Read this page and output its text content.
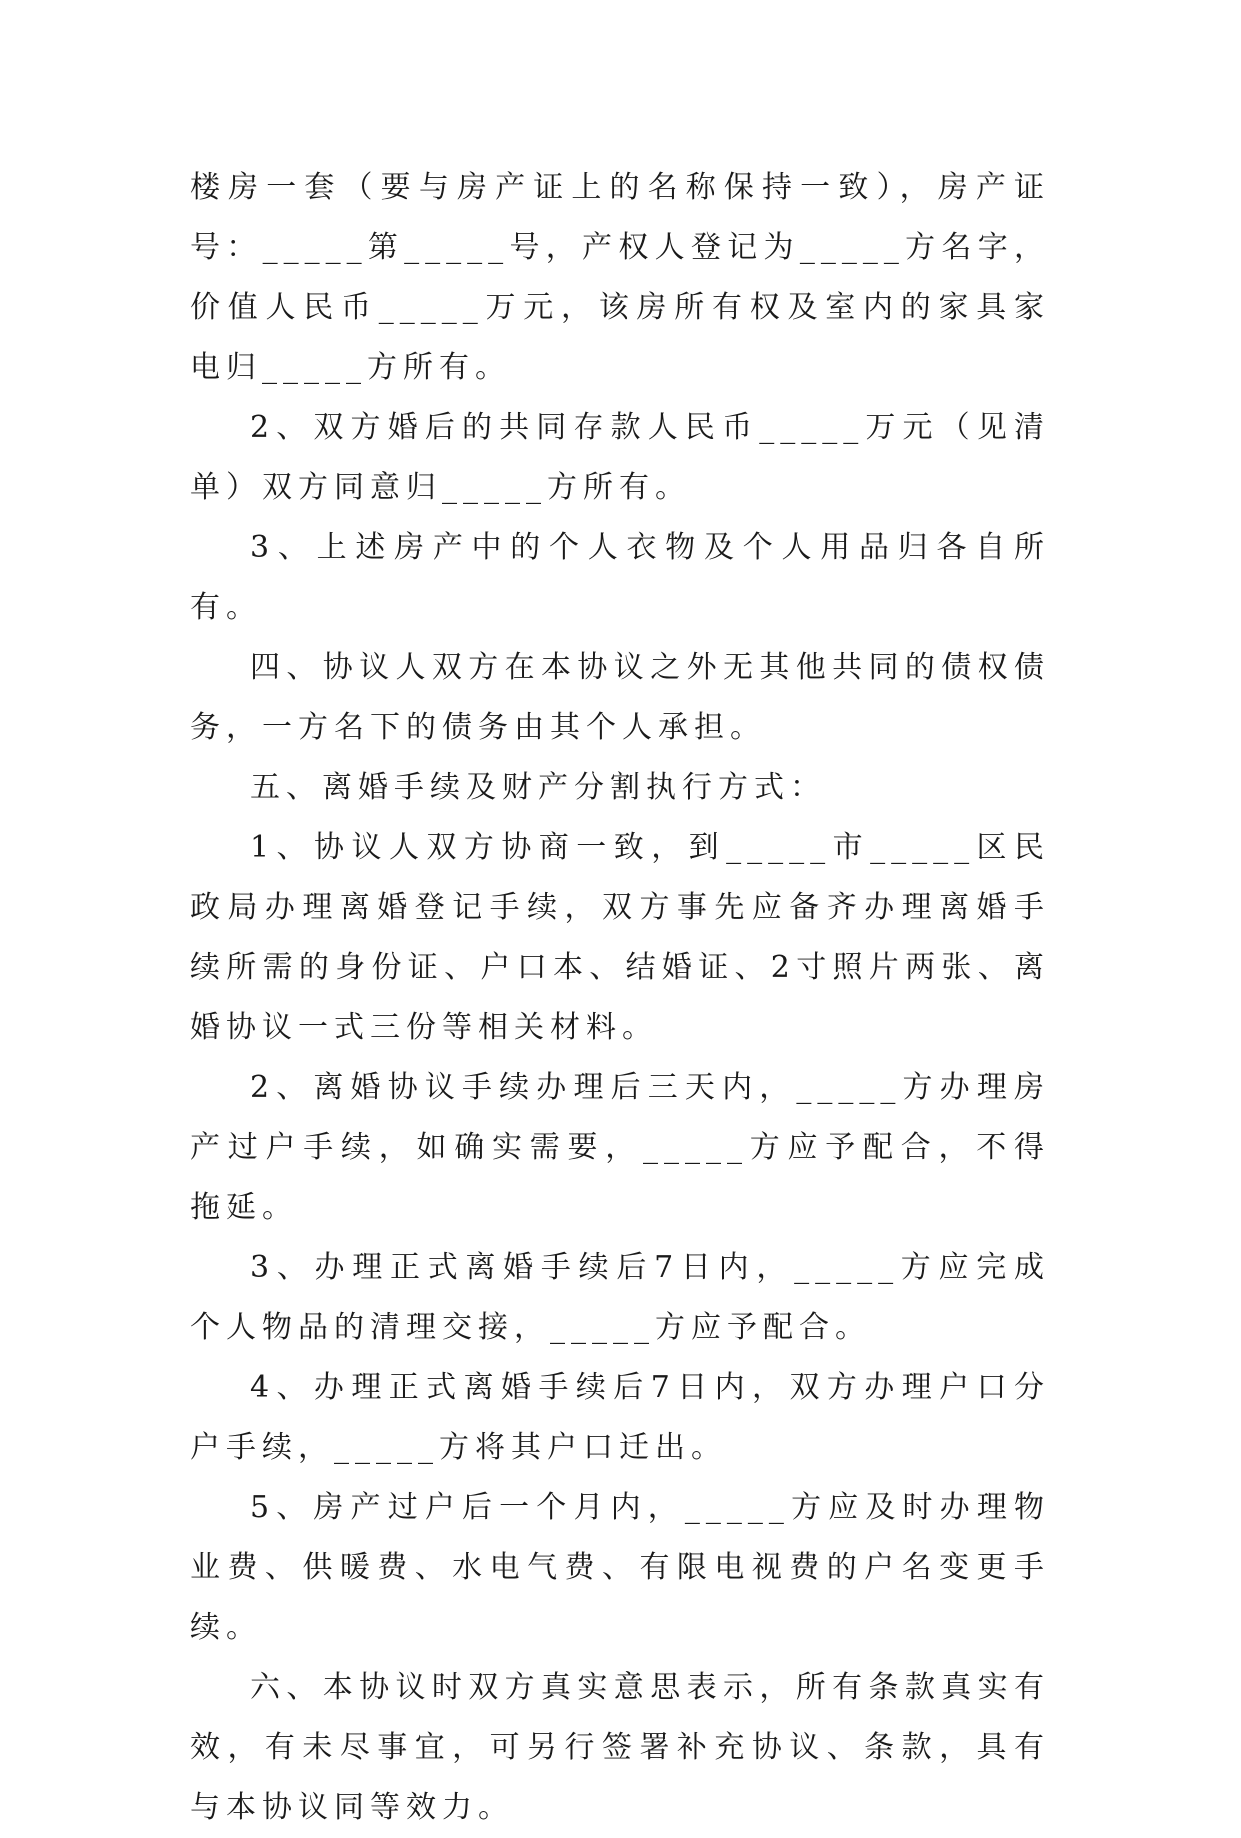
楼房一套（要与房产证上的名称保持一致），房产证号：_____第_____号，产权人登记为_____方名字，价值人民币_____万元，该房所有权及室内的家具家电归_____方所有。

2、双方婚后的共同存款人民币_____万元（见清单）双方同意归_____方所有。

3、上述房产中的个人衣物及个人用品归各自所有。

四、协议人双方在本协议之外无其他共同的债权债务，一方名下的债务由其个人承担。

五、离婚手续及财产分割执行方式：

1、协议人双方协商一致，到_____市_____区民政局办理离婚登记手续，双方事先应备齐办理离婚手续所需的身份证、户口本、结婚证、2寸照片两张、离婚协议一式三份等相关材料。

2、离婚协议手续办理后三天内，_____方办理房产过户手续，如确实需要，_____方应予配合，不得拖延。

3、办理正式离婚手续后7日内，_____方应完成个人物品的清理交接，_____方应予配合。

4、办理正式离婚手续后7日内，双方办理户口分户手续，_____方将其户口迁出。

5、房产过户后一个月内，_____方应及时办理物业费、供暖费、水电气费、有限电视费的户名变更手续。

六、本协议时双方真实意思表示，所有条款真实有效，有未尽事宜，可另行签署补充协议、条款，具有与本协议同等效力。
